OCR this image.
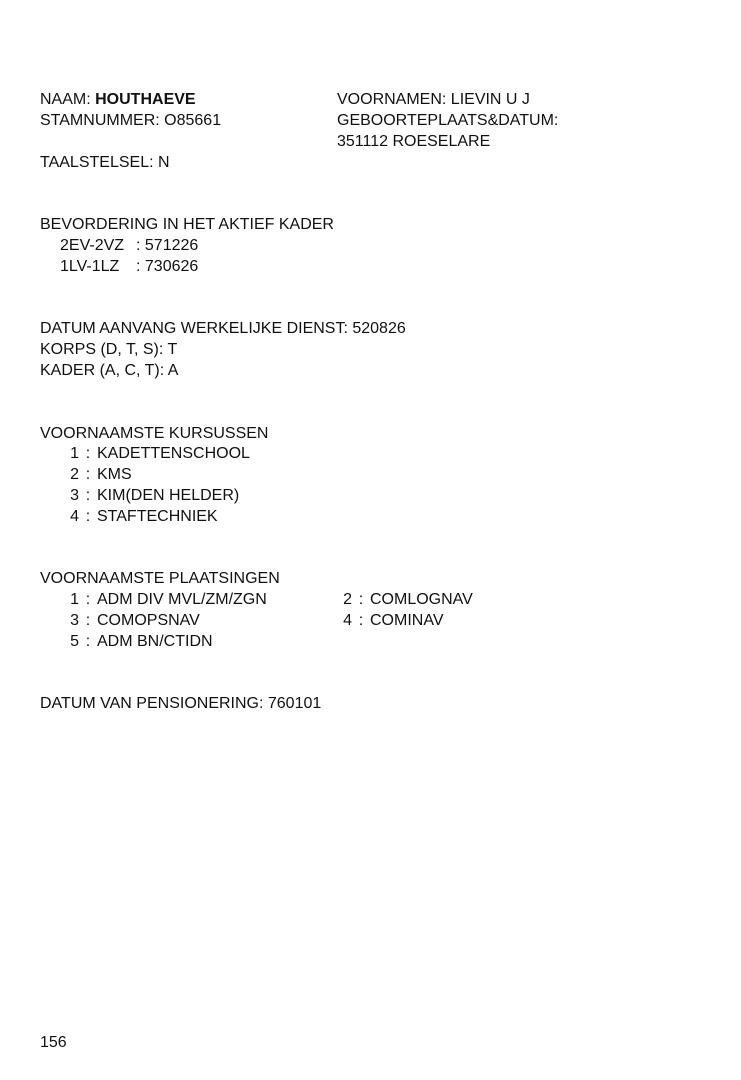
NAAM: HOUTHAEVE
STAMNUMMER: O85661
VOORNAMEN: LIEVIN U J
GEBOORTEPLAATS&DATUM:
351112 ROESELARE
TAALSTELSEL: N
BEVORDERING IN HET AKTIEF KADER
2EV-2VZ : 571226
1LV-1LZ : 730626
DATUM AANVANG WERKELIJKE DIENST: 520826
KORPS (D, T, S): T
KADER (A, C, T): A
VOORNAAMSTE KURSUSSEN
1 : KADETTENSCHOOL
2 : KMS
3 : KIM(DEN HELDER)
4 : STAFTECHNIEK
VOORNAAMSTE PLAATSINGEN
1 : ADM DIV MVL/ZM/ZGN	2 : COMLOGNAV
3 : COMOPSNAV	4 : COMINAV
5 : ADM BN/CTIDN
DATUM VAN PENSIONERING: 760101
156
